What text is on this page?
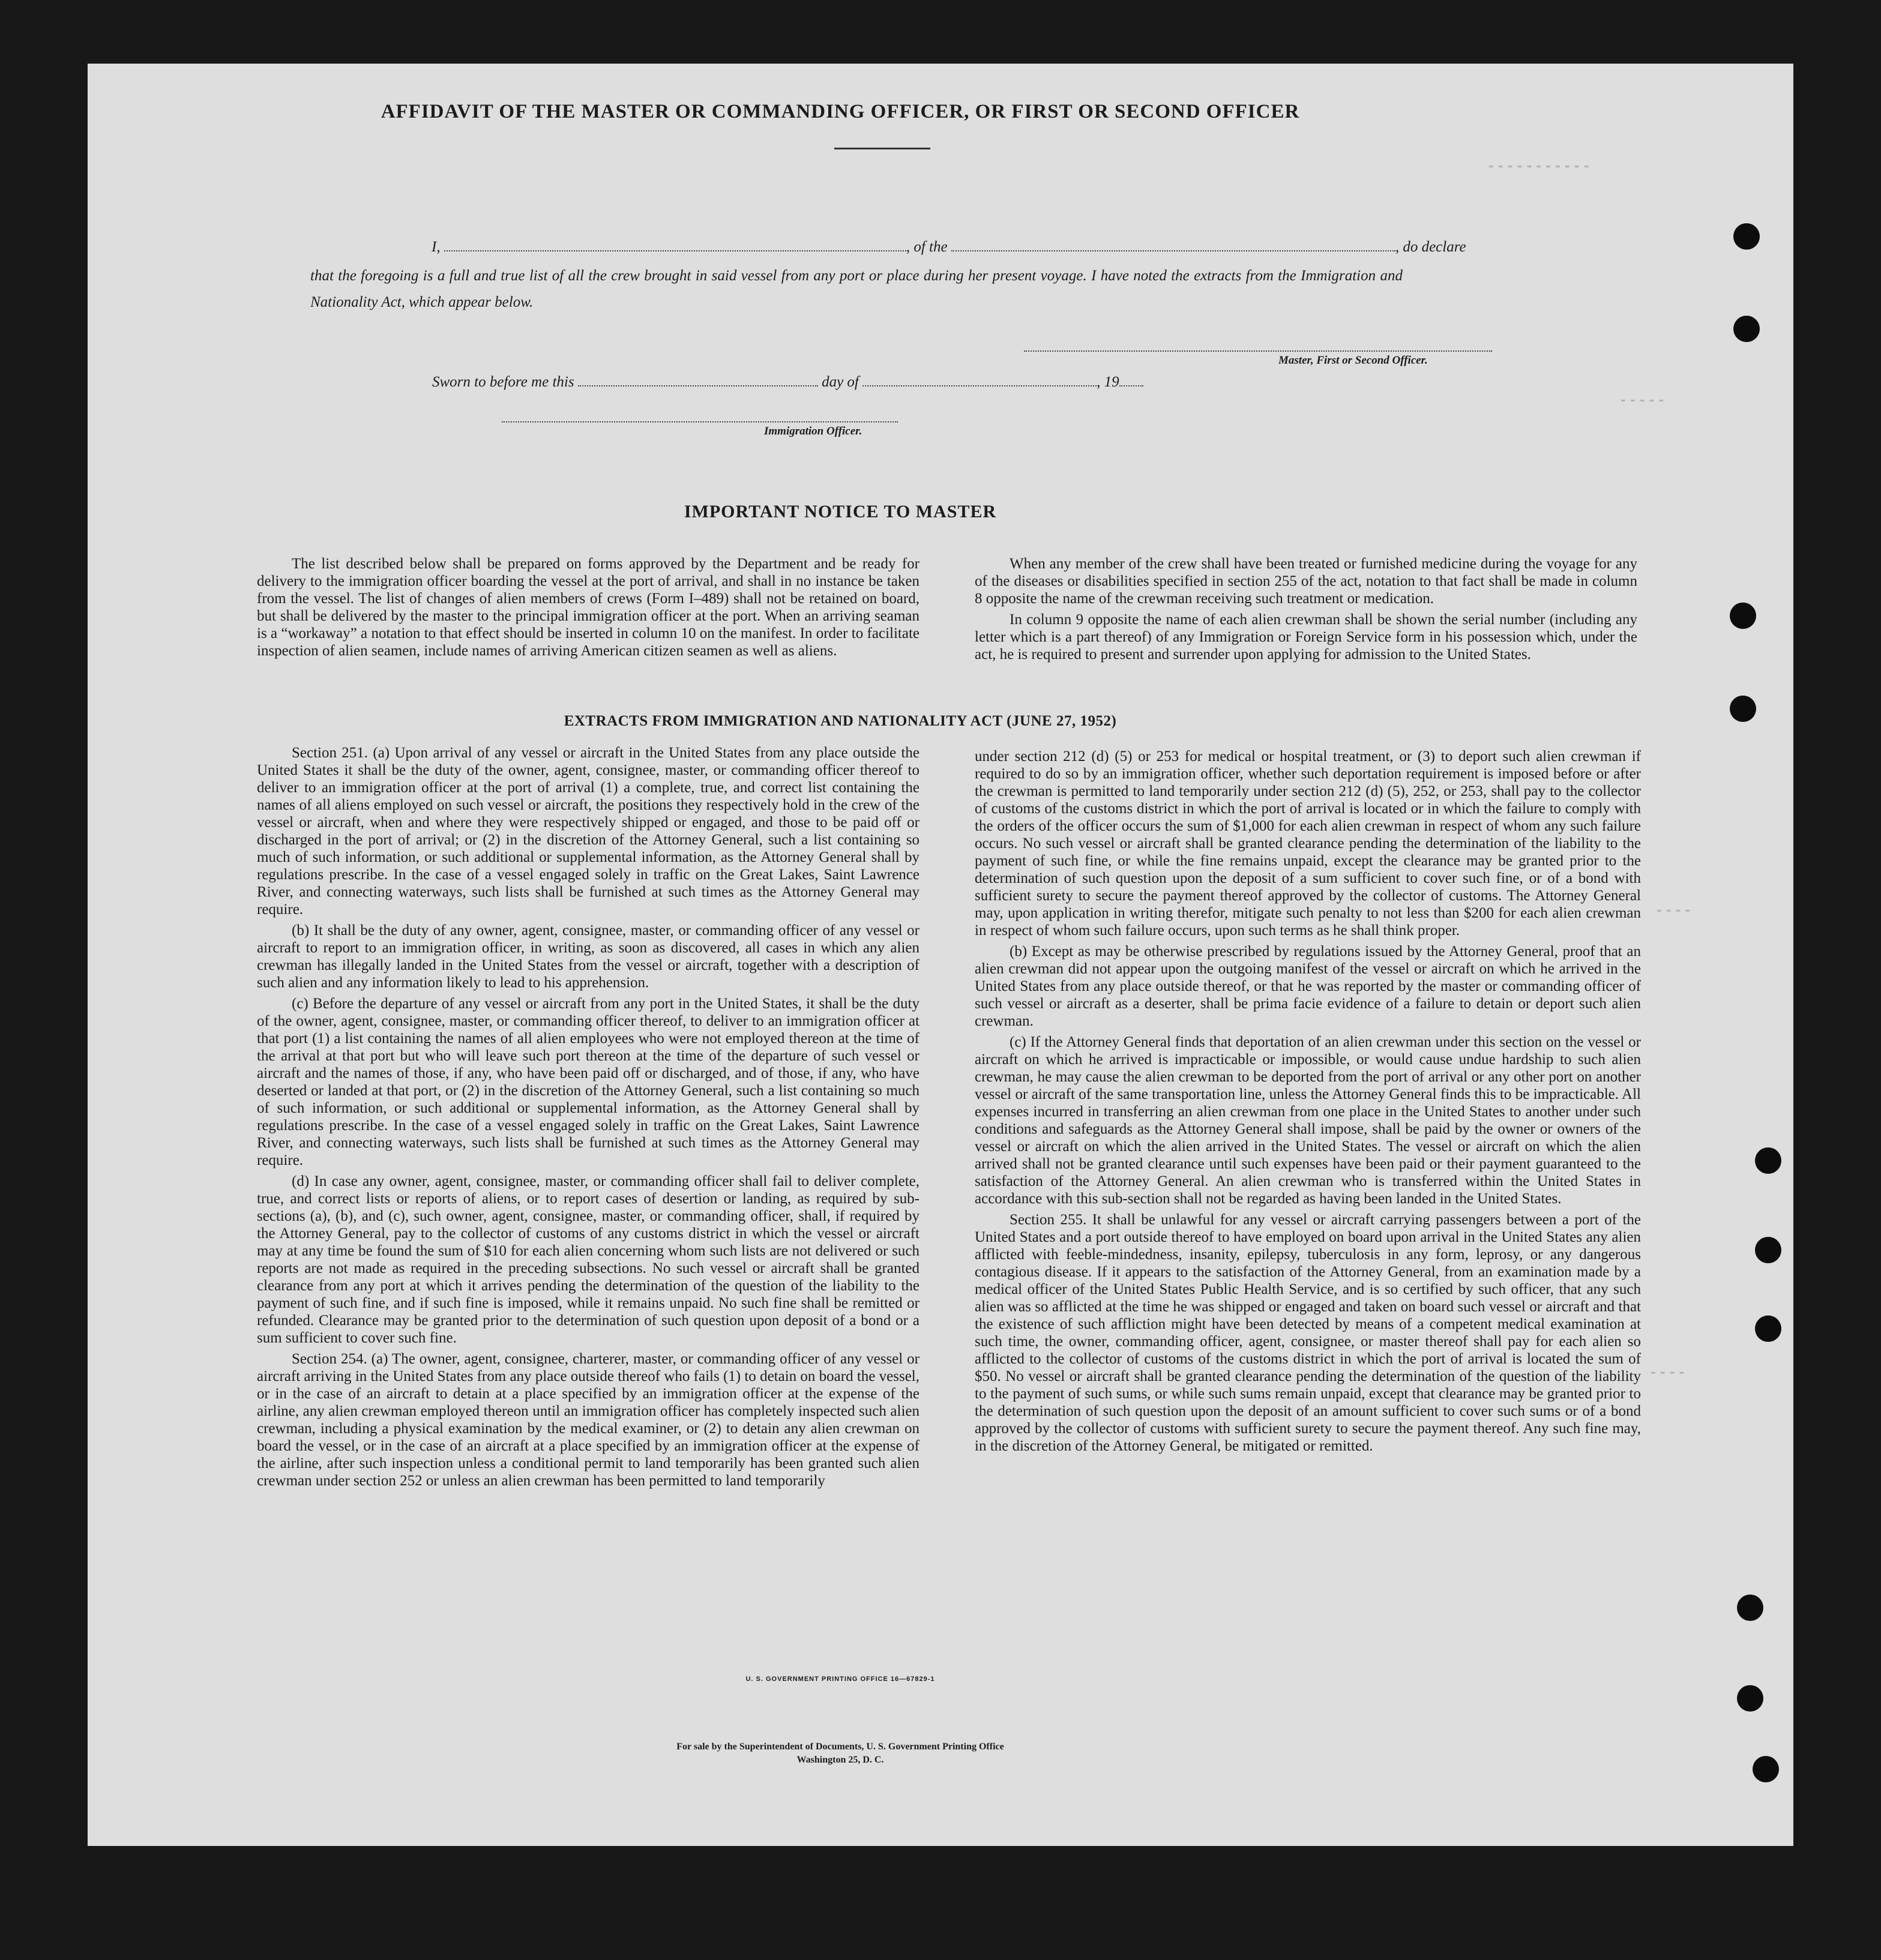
- - - - - - - - - - -
- - - - -
- - - -
- - - -
AFFIDAVIT OF THE MASTER OR COMMANDING OFFICER, OR FIRST OR SECOND OFFICER
I,	, of the	, do declare
that the foregoing is a full and true list of all the crew brought in said vessel from any port or place during her present voyage. I have noted the extracts from the Immigration and Nationality Act, which appear below.
Master, First or Second Officer.
Sworn to before me this	day of	, 19
Immigration Officer.
IMPORTANT NOTICE TO MASTER

The list described below shall be prepared on forms approved by the Department and be ready for delivery to the immigration officer boarding the vessel at the port of arrival, and shall in no instance be taken from the vessel. The list of changes of alien members of crews (Form I–489) shall not be retained on board, but shall be delivered by the master to the principal immigration officer at the port. When an arriving seaman is a “workaway” a notation to that effect should be inserted in column 10 on the manifest. In order to facilitate inspection of alien seamen, include names of arriving American citizen seamen as well as aliens.

When any member of the crew shall have been treated or furnished medicine during the voyage for any of the diseases or disabilities specified in section 255 of the act, notation to that fact shall be made in column 8 opposite the name of the crewman receiving such treatment or medication.

In column 9 opposite the name of each alien crewman shall be shown the serial number (including any letter which is a part thereof) of any Immigration or Foreign Service form in his possession which, under the act, he is required to present and surrender upon applying for admission to the United States.

EXTRACTS FROM IMMIGRATION AND NATIONALITY ACT (JUNE 27, 1952)

Section 251. (a) Upon arrival of any vessel or aircraft in the United States from any place outside the United States it shall be the duty of the owner, agent, consignee, master, or commanding officer thereof to deliver to an immigration officer at the port of arrival (1) a complete, true, and correct list containing the names of all aliens employed on such vessel or aircraft, the positions they respectively hold in the crew of the vessel or aircraft, when and where they were respectively shipped or engaged, and those to be paid off or discharged in the port of arrival; or (2) in the discretion of the Attorney General, such a list containing so much of such information, or such additional or supplemental information, as the Attorney General shall by regulations prescribe. In the case of a vessel engaged solely in traffic on the Great Lakes, Saint Lawrence River, and connecting waterways, such lists shall be furnished at such times as the Attorney General may require.

(b) It shall be the duty of any owner, agent, consignee, master, or commanding officer of any vessel or aircraft to report to an immigration officer, in writing, as soon as discovered, all cases in which any alien crewman has illegally landed in the United States from the vessel or aircraft, together with a description of such alien and any information likely to lead to his apprehension.

(c) Before the departure of any vessel or aircraft from any port in the United States, it shall be the duty of the owner, agent, consignee, master, or commanding officer thereof, to deliver to an immigration officer at that port (1) a list containing the names of all alien employees who were not employed thereon at the time of the arrival at that port but who will leave such port thereon at the time of the departure of such vessel or aircraft and the names of those, if any, who have been paid off or discharged, and of those, if any, who have deserted or landed at that port, or (2) in the discretion of the Attorney General, such a list containing so much of such information, or such additional or supplemental information, as the Attorney General shall by regulations prescribe. In the case of a vessel engaged solely in traffic on the Great Lakes, Saint Lawrence River, and connecting waterways, such lists shall be furnished at such times as the Attorney General may require.

(d) In case any owner, agent, consignee, master, or commanding officer shall fail to deliver complete, true, and correct lists or reports of aliens, or to report cases of desertion or landing, as required by sub-sections (a), (b), and (c), such owner, agent, consignee, master, or commanding officer, shall, if required by the Attorney General, pay to the collector of customs of any customs district in which the vessel or aircraft may at any time be found the sum of $10 for each alien concerning whom such lists are not delivered or such reports are not made as required in the preceding subsections. No such vessel or aircraft shall be granted clearance from any port at which it arrives pending the determination of the question of the liability to the payment of such fine, and if such fine is imposed, while it remains unpaid. No such fine shall be remitted or refunded. Clearance may be granted prior to the determination of such question upon deposit of a bond or a sum sufficient to cover such fine.

Section 254. (a) The owner, agent, consignee, charterer, master, or commanding officer of any vessel or aircraft arriving in the United States from any place outside thereof who fails (1) to detain on board the vessel, or in the case of an aircraft to detain at a place specified by an immigration officer at the expense of the airline, any alien crewman employed thereon until an immigration officer has completely inspected such alien crewman, including a physical examination by the medical examiner, or (2) to detain any alien crewman on board the vessel, or in the case of an aircraft at a place specified by an immigration officer at the expense of the airline, after such inspection unless a conditional permit to land temporarily has been granted such alien crewman under section 252 or unless an alien crewman has been permitted to land temporarily

under section 212 (d) (5) or 253 for medical or hospital treatment, or (3) to deport such alien crewman if required to do so by an immigration officer, whether such deportation requirement is imposed before or after the crewman is permitted to land temporarily under section 212 (d) (5), 252, or 253, shall pay to the collector of customs of the customs district in which the port of arrival is located or in which the failure to comply with the orders of the officer occurs the sum of $1,000 for each alien crewman in respect of whom any such failure occurs. No such vessel or aircraft shall be granted clearance pending the determination of the liability to the payment of such fine, or while the fine remains unpaid, except the clearance may be granted prior to the determination of such question upon the deposit of a sum sufficient to cover such fine, or of a bond with sufficient surety to secure the payment thereof approved by the collector of customs. The Attorney General may, upon application in writing therefor, mitigate such penalty to not less than $200 for each alien crewman in respect of whom such failure occurs, upon such terms as he shall think proper.

(b) Except as may be otherwise prescribed by regulations issued by the Attorney General, proof that an alien crewman did not appear upon the outgoing manifest of the vessel or aircraft on which he arrived in the United States from any place outside thereof, or that he was reported by the master or commanding officer of such vessel or aircraft as a deserter, shall be prima facie evidence of a failure to detain or deport such alien crewman.

(c) If the Attorney General finds that deportation of an alien crewman under this section on the vessel or aircraft on which he arrived is impracticable or impossible, or would cause undue hardship to such alien crewman, he may cause the alien crewman to be deported from the port of arrival or any other port on another vessel or aircraft of the same transportation line, unless the Attorney General finds this to be impracticable. All expenses incurred in transferring an alien crewman from one place in the United States to another under such conditions and safeguards as the Attorney General shall impose, shall be paid by the owner or owners of the vessel or aircraft on which the alien arrived in the United States. The vessel or aircraft on which the alien arrived shall not be granted clearance until such expenses have been paid or their payment guaranteed to the satisfaction of the Attorney General. An alien crewman who is transferred within the United States in accordance with this sub-section shall not be regarded as having been landed in the United States.

Section 255. It shall be unlawful for any vessel or aircraft carrying passengers between a port of the United States and a port outside thereof to have employed on board upon arrival in the United States any alien afflicted with feeble-mindedness, insanity, epilepsy, tuberculosis in any form, leprosy, or any dangerous contagious disease. If it appears to the satisfaction of the Attorney General, from an examination made by a medical officer of the United States Public Health Service, and is so certified by such officer, that any such alien was so afflicted at the time he was shipped or engaged and taken on board such vessel or aircraft and that the existence of such affliction might have been detected by means of a competent medical examination at such time, the owner, commanding officer, agent, consignee, or master thereof shall pay for each alien so afflicted to the collector of customs of the customs district in which the port of arrival is located the sum of $50. No vessel or aircraft shall be granted clearance pending the determination of the question of the liability to the payment of such sums, or while such sums remain unpaid, except that clearance may be granted prior to the determination of such question upon the deposit of an amount sufficient to cover such sums or of a bond approved by the collector of customs with sufficient surety to secure the payment thereof. Any such fine may, in the discretion of the Attorney General, be mitigated or remitted.

U. S. GOVERNMENT PRINTING OFFICE 16—67829-1
For sale by the Superintendent of Documents, U. S. Government Printing Office
Washington 25, D. C.
